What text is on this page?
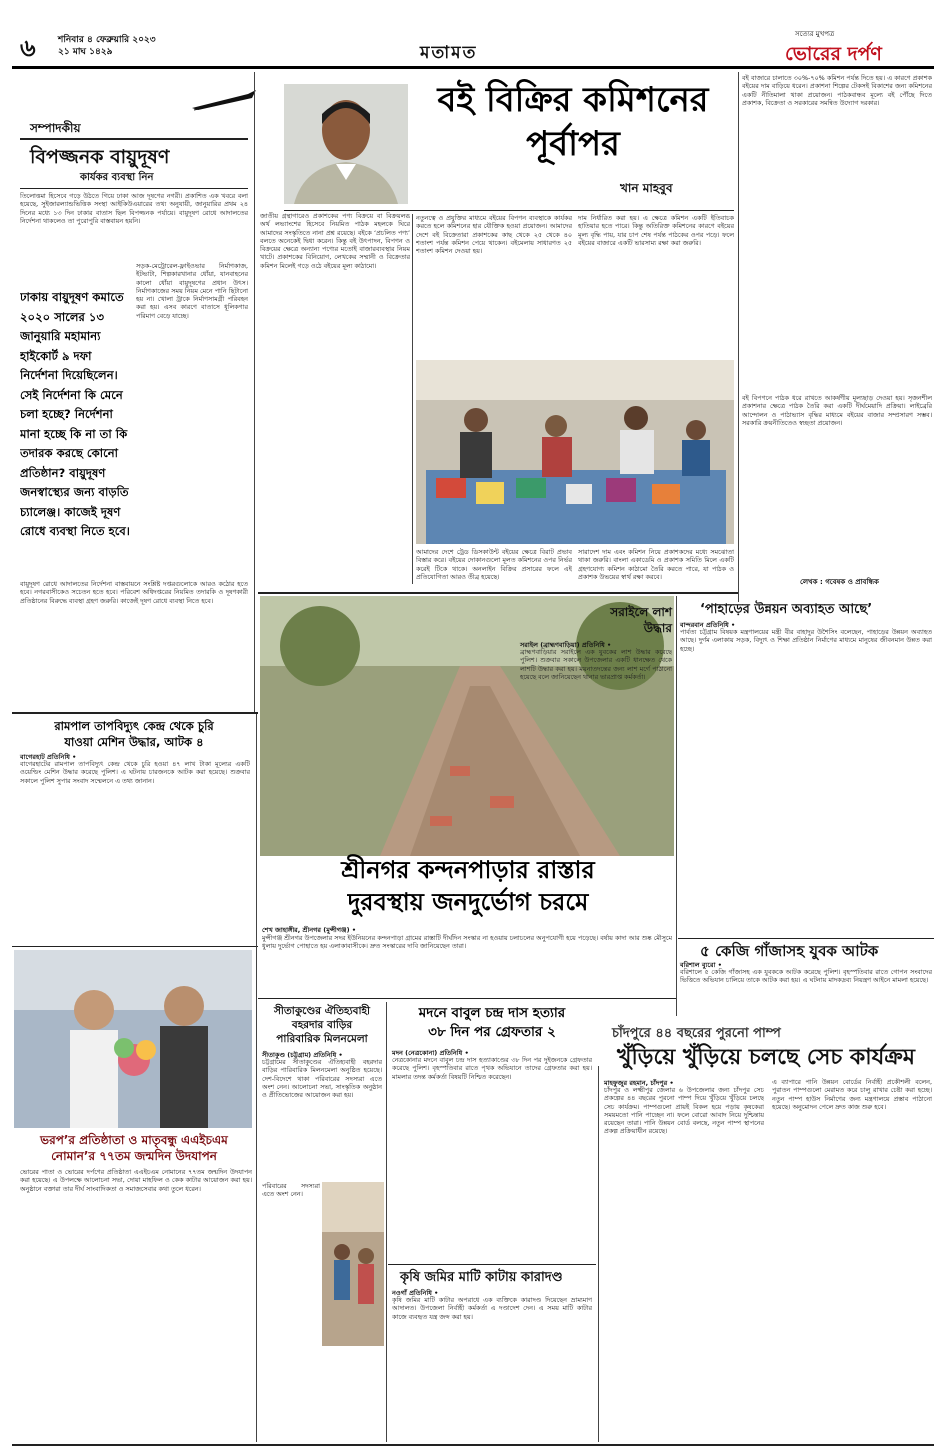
৬ শনিবার ৪ ফেব্রুয়ারি ২০২৩
২১ মাঘ ১৪২৯	মতামত
সত্যের মুখপত্র
ভোরের দর্পণ
সম্পাদকীয়
বিপজ্জনক বায়ুদূষণ
কার্যকর ব্যবস্থা নিন
তিলোত্তমা হিসেবে গড়ে উঠতে গিয়ে ঢাকা আজ দূষণের নগরী। প্রকাশিত এক খবরে বলা হয়েছে, সুইজারল্যান্ডভিত্তিক সংস্থা আইকিউএয়ারের তথ্য অনুযায়ী, জানুয়ারির প্রথম ২৪ দিনের মধ্যে ১৩ দিন ঢাকার বাতাস ছিল বিপজ্জনক পর্যায়ে। বায়ুদূষণ রোধে আদালতের নির্দেশনা থাকলেও তা পুরোপুরি বাস্তবায়ন হয়নি।
ঢাকায় বায়ুদূষণ কমাতে ২০২০ সালের ১৩ জানুয়ারি মহামান্য হাইকোর্ট ৯ দফা নির্দেশনা দিয়েছিলেন। সেই নির্দেশনা কি মেনে চলা হচ্ছে? নির্দেশনা মানা হচ্ছে কি না তা কি তদারক করছে কোনো প্রতিষ্ঠান? বায়ুদূষণ জনস্বাস্থ্যের জন্য বাড়তি চ্যালেঞ্জ। কাজেই দূষণ রোধে ব্যবস্থা নিতে হবে।
সড়ক-মেট্রোরেল-ফ্লাইওভার নির্মাণকাজ, ইটভাটা, শিল্পকারখানার ধোঁয়া, যানবাহনের কালো ধোঁয়া বায়ুদূষণের প্রধান উৎস। নির্মাণকাজের সময় নিয়ম মেনে পানি ছিটানো হয় না। খোলা ট্রাকে নির্মাণসামগ্রী পরিবহন করা হয়। এসব কারণে বাতাসে ধূলিকণার পরিমাণ বেড়ে যাচ্ছে।
বায়ুদূষণ রোধে আদালতের নির্দেশনা বাস্তবায়নে সংশ্লিষ্ট দপ্তরগুলোকে আরও কঠোর হতে হবে। নগরবাসীকেও সচেতন হতে হবে। পরিবেশ অধিদপ্তরের নিয়মিত তদারকি ও দূষণকারী প্রতিষ্ঠানের বিরুদ্ধে ব্যবস্থা গ্রহণ জরুরি। কাজেই দূষণ রোধে ব্যবস্থা নিতে হবে।
বই বিক্রির কমিশনের
পূর্বাপর
খান মাহবুব
জাতীয় গ্রন্থাগারেও প্রকাশকের পণ্য বিক্রয়ে বা বিক্রয়লব্ধ অর্থ লভ্যাংশের হিসেবে নিয়মিত পাঠক মহলকে ঘিরে আমাদের সংস্কৃতিতে নানা প্রশ্ন রয়েছে। বইকে ‘প্রচলিত পণ্য’ বলতে অনেকেই দ্বিধা করেন। কিন্তু বই উৎপাদন, বিপণন ও বিক্রয়ের ক্ষেত্রে অন্যান্য পণ্যের মতোই বাজারব্যবস্থার নিয়ম খাটে। প্রকাশকের বিনিয়োগ, লেখকের সম্মানী ও বিক্রেতার কমিশন মিলেই গড়ে ওঠে বইয়ের মূল্য কাঠামো।
নতুনত্বে ও প্রযুক্তির মাধ্যমে বইয়ের বিপণন ব্যবস্থাকে কার্যকর করতে হলে কমিশনের হার যৌক্তিক হওয়া প্রয়োজন। আমাদের দেশে বই বিক্রেতারা প্রকাশকের কাছ থেকে ২৫ থেকে ৪০ শতাংশ পর্যন্ত কমিশন পেয়ে থাকেন। বইমেলায় সাধারণত ২৫ শতাংশ কমিশন দেওয়া হয়।
দাম নির্ধারিত করা হয়। এ ক্ষেত্রে কমিশন একটি ইতিবাচক হাতিয়ার হতে পারে। কিন্তু অতিরিক্ত কমিশনের কারণে বইয়ের মূল্য বৃদ্ধি পায়, যার চাপ শেষ পর্যন্ত পাঠকের ওপর পড়ে। ফলে বইয়ের বাজারে একটি ভারসাম্য রক্ষা করা জরুরি।
আমাদের দেশে ট্রেড ডিসকাউন্ট বইয়ের ক্ষেত্রে বিরাট প্রভাব বিস্তার করে। বইয়ের দোকানগুলো মূলত কমিশনের ওপর নির্ভর করেই টিকে থাকে। অনলাইন বিক্রির প্রসারের ফলে এই প্রতিযোগিতা আরও তীব্র হয়েছে।
সারাদেশ দাম এবং কমিশন নিয়ে প্রকাশকদের মধ্যে সমঝোতা থাকা জরুরি। বাংলা একাডেমি ও প্রকাশক সমিতি মিলে একটি গ্রহণযোগ্য কমিশন কাঠামো তৈরি করতে পারে, যা পাঠক ও প্রকাশক উভয়ের স্বার্থ রক্ষা করবে।
বই বাজারে চালাতে ৩০%-৭০% কমিশন পর্যন্ত দিতে হয়। এ কারণে প্রকাশক বইয়ের দাম বাড়িয়ে ধরেন। প্রকাশনা শিল্পের টেকসই বিকাশের জন্য কমিশনের একটি নীতিমালা থাকা প্রয়োজন। পাঠকবান্ধব মূল্যে বই পৌঁছে দিতে প্রকাশক, বিক্রেতা ও সরকারের সমন্বিত উদ্যোগ দরকার।
বই বিপণনে পাঠক ধরে রাখতে আকর্ষণীয় মূল্যছাড় দেওয়া হয়। সৃজনশীল প্রকাশনার ক্ষেত্রে পাঠক তৈরি করা একটি দীর্ঘমেয়াদি প্রক্রিয়া। লাইব্রেরি আন্দোলন ও পাঠাভ্যাস বৃদ্ধির মাধ্যমে বইয়ের বাজার সম্প্রসারণ সম্ভব। সরকারি ক্রয়নীতিতেও স্বচ্ছতা প্রয়োজন।
লেখক : গবেষক ও প্রাবন্ধিক
রামপাল তাপবিদ্যুৎ কেন্দ্র থেকে চুরি
যাওয়া মেশিন উদ্ধার, আটক ৪
বাগেরহাট প্রতিনিধি •
বাগেরহাটের রামপাল তাপবিদ্যুৎ কেন্দ্র থেকে চুরি হওয়া ৪৭ লাখ টাকা মূল্যের একটি ওয়েল্ডিং মেশিন উদ্ধার করেছে পুলিশ। এ ঘটনায় চারজনকে আটক করা হয়েছে। শুক্রবার সকালে পুলিশ সুপার সংবাদ সম্মেলনে এ তথ্য জানান।
ভরপ’র প্রতিষ্ঠাতা ও মাতৃবন্ধু এএইচএম
নোমান’র ৭৭তম জন্মদিন উদযাপন
ভোরের পাতা ও ভোরের দর্পণের প্রতিষ্ঠাতা এএইচএম নোমানের ৭৭তম জন্মদিন উদযাপন করা হয়েছে। এ উপলক্ষে আলোচনা সভা, দোয়া মাহফিল ও কেক কাটার আয়োজন করা হয়। অনুষ্ঠানে বক্তারা তার দীর্ঘ সাংবাদিকতা ও সমাজসেবার কথা তুলে ধরেন।
শ্রীনগর কন্দনপাড়ার রাস্তার
দুরবস্থায় জনদুর্ভোগ চরমে
শেখ জাহাঙ্গীর, শ্রীনগর (মুন্সীগঞ্জ) •
মুন্সীগঞ্জ শ্রীনগর উপজেলার সদর ইউনিয়নের কন্দনপাড়া গ্রামের রাস্তাটি দীর্ঘদিন সংস্কার না হওয়ায় চলাচলের অনুপযোগী হয়ে পড়েছে। বর্ষায় কাদা আর শুষ্ক মৌসুমে ধুলায় দুর্ভোগ পোহাতে হয় এলাকাবাসীকে। দ্রুত সংস্কারের দাবি জানিয়েছেন তারা।
সরাইলে লাশ
উদ্ধার
সরাইল (ব্রাহ্মণবাড়িয়া) প্রতিনিধি •
ব্রাহ্মণবাড়িয়ার সরাইলে এক যুবকের লাশ উদ্ধার করেছে পুলিশ। শুক্রবার সকালে উপজেলার একটি ধানক্ষেত থেকে লাশটি উদ্ধার করা হয়। ময়নাতদন্তের জন্য লাশ মর্গে পাঠানো হয়েছে বলে জানিয়েছেন থানার ভারপ্রাপ্ত কর্মকর্তা।
‘পাহাড়ের উন্নয়ন অব্যাহত আছে’
বান্দরবান প্রতিনিধি •
পার্বত্য চট্টগ্রাম বিষয়ক মন্ত্রণালয়ের মন্ত্রী বীর বাহাদুর উশৈসিং বলেছেন, পাহাড়ের উন্নয়ন অব্যাহত আছে। দুর্গম এলাকায় সড়ক, বিদ্যুৎ ও শিক্ষা প্রতিষ্ঠান নির্মাণের মাধ্যমে মানুষের জীবনমান উন্নত করা হচ্ছে।
৫ কেজি গাঁজাসহ যুবক আটক
বরিশাল ব্যুরো •
বরিশালে ৫ কেজি গাঁজাসহ এক যুবককে আটক করেছে পুলিশ। বৃহস্পতিবার রাতে গোপন সংবাদের ভিত্তিতে অভিযান চালিয়ে তাকে আটক করা হয়। এ ঘটনায় মাদকদ্রব্য নিয়ন্ত্রণ আইনে মামলা হয়েছে।
সীতাকুণ্ডের ঐতিহ্যবাহী
বহরদার বাড়ির
পারিবারিক মিলনমেলা
সীতাকুণ্ড (চট্টগ্রাম) প্রতিনিধি •
চট্টগ্রামের সীতাকুণ্ডের ঐতিহ্যবাহী বহরদার বাড়ির পারিবারিক মিলনমেলা অনুষ্ঠিত হয়েছে। দেশ-বিদেশে থাকা পরিবারের সদস্যরা এতে অংশ নেন। আলোচনা সভা, সাংস্কৃতিক অনুষ্ঠান ও প্রীতিভোজের আয়োজন করা হয়।
পরিবারের সদস্যরা এতে অংশ নেন।
মদনে বাবুল চন্দ্র দাস হত্যার
৩৮ দিন পর গ্রেফতার ২
মদন (নেত্রকোনা) প্রতিনিধি •
নেত্রকোনার মদনে বাবুল চন্দ্র দাস হত্যাকাণ্ডের ৩৮ দিন পর দুইজনকে গ্রেফতার করেছে পুলিশ। বৃহস্পতিবার রাতে পৃথক অভিযানে তাদের গ্রেফতার করা হয়। মামলার তদন্ত কর্মকর্তা বিষয়টি নিশ্চিত করেছেন।
কৃষি জমির মাটি কাটায় কারাদণ্ড
নওগাঁ প্রতিনিধি •
কৃষি জমির মাটি কাটার অপরাধে এক ব্যক্তিকে কারাদণ্ড দিয়েছেন ভ্রাম্যমাণ আদালত। উপজেলা নির্বাহী কর্মকর্তা এ দণ্ডাদেশ দেন। এ সময় মাটি কাটার কাজে ব্যবহৃত যন্ত্র জব্দ করা হয়।
চাঁদপুরে ৪৪ বছরের পুরনো পাম্প
খুঁড়িয়ে খুঁড়িয়ে চলছে সেচ কার্যক্রম
মাহফুজুর রহমান, চাঁদপুর •
চাঁদপুর ও লক্ষ্মীপুর জেলার ৬ উপজেলার জন্য চাঁদপুর সেচ প্রকল্পের ৪৪ বছরের পুরনো পাম্প দিয়ে খুঁড়িয়ে খুঁড়িয়ে চলছে সেচ কার্যক্রম। পাম্পগুলো প্রায়ই বিকল হয়ে পড়ায় কৃষকেরা সময়মতো পানি পাচ্ছেন না। ফলে বোরো আবাদ নিয়ে দুশ্চিন্তায় রয়েছেন তারা। পানি উন্নয়ন বোর্ড বলছে, নতুন পাম্প স্থাপনের প্রকল্প প্রক্রিয়াধীন রয়েছে।
এ ব্যাপারে পানি উন্নয়ন বোর্ডের নির্বাহী প্রকৌশলী বলেন, পুরাতন পাম্পগুলো মেরামত করে চালু রাখার চেষ্টা করা হচ্ছে। নতুন পাম্প হাউস নির্মাণের জন্য মন্ত্রণালয়ে প্রস্তাব পাঠানো হয়েছে। অনুমোদন পেলে দ্রুত কাজ শুরু হবে।
